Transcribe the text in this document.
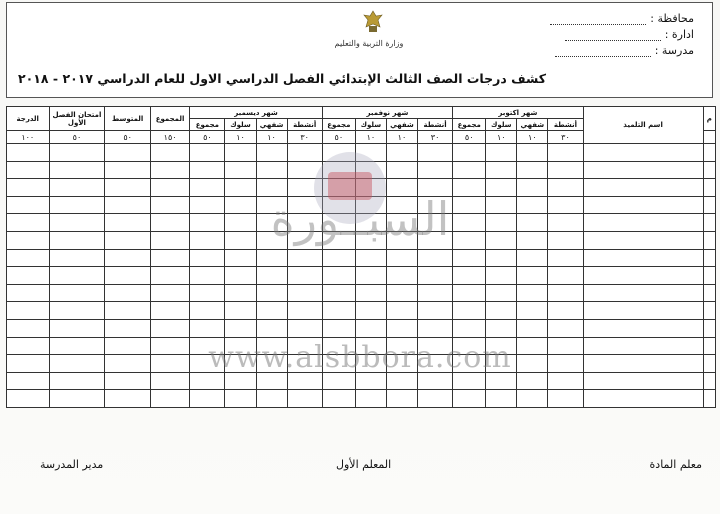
وزارة التربية والتعليم
محافظة :
ادارة :
مدرسة :
كشف درجات الصف الثالث الإبتدائي الفصل الدراسي الاول للعام الدراسي ٢٠١٧ - ٢٠١٨
م	اسم التلميذ	شهر اكتوبر				شهر نوفمبر				شهر ديسمبر				المجموع	المتوسط	امتحان الفصل الأول	الدرجة
		أنشطة	شفهي	سلوك	مجموع	أنشطة	شفهي	سلوك	مجموع	أنشطة	شفهي	سلوك	مجموع				
		٣٠	١٠	١٠	٥٠	٣٠	١٠	١٠	٥٠	٣٠	١٠	١٠	٥٠	١٥٠	٥٠	٥٠	١٠٠

السبــورة
www.alsbbora.com
معلم المادة
المعلم الأول
مدير المدرسة
